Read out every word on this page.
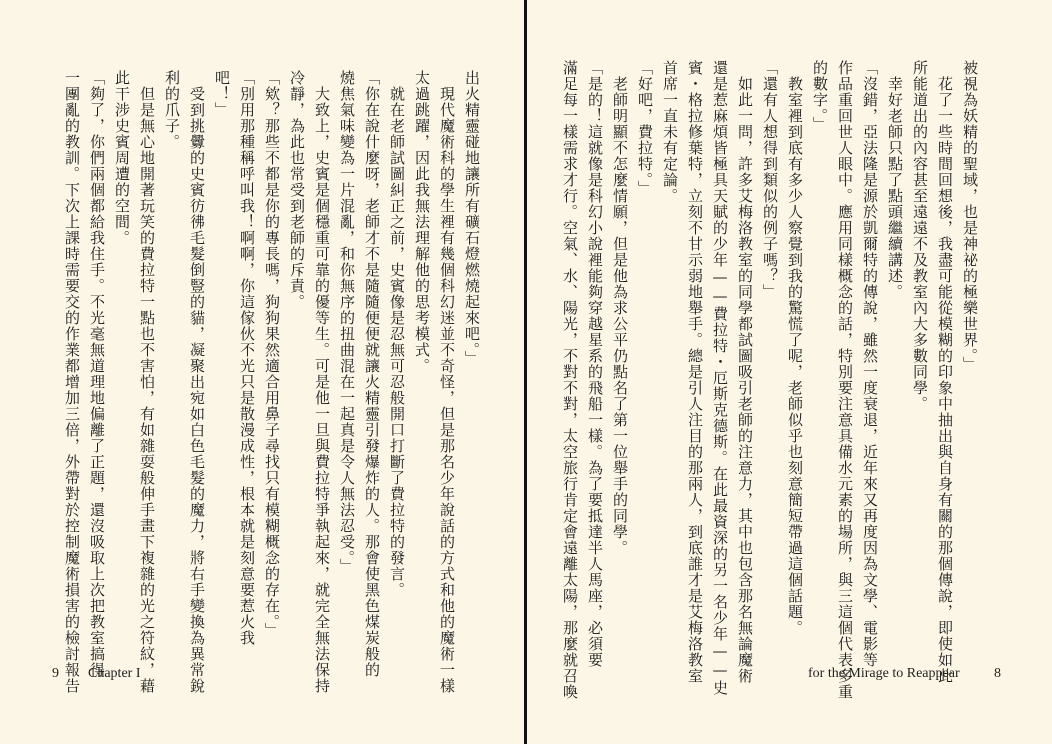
出火精靈碰地讓所有礦石燈燃燒起來吧。」
　現代魔術科的學生裡有幾個科幻迷並不奇怪，但是那名少年說話的方式和他的魔術一樣
太過跳躍，因此我無法理解他的思考模式。
　就在老師試圖糾正之前，史賓像是忍無可忍般開口打斷了費拉特的發言。
「你在說什麼呀，老師才不是隨隨便便就讓火精靈引發爆炸的人。那會使黑色煤炭般的
燒焦氣味變為一片混亂，和你無序的扭曲混在一起真是令人無法忍受。」
　大致上，史賓是個穩重可靠的優等生。可是他一旦與費拉特爭執起來，就完全無法保持
冷靜，為此也常受到老師的斥責。
「欸？那些不都是你的專長嗎，狗狗果然適合用鼻子尋找只有模糊概念的存在。」
「別用那種稱呼叫我！啊啊，你這傢伙不光只是散漫成性，根本就是刻意要惹火我
吧！」
　受到挑釁的史賓彷彿毛髮倒豎的貓，凝聚出宛如白色毛髮的魔力，將右手變換為異常銳
利的爪子。
　但是無心地開著玩笑的費拉特一點也不害怕，有如雜耍般伸手畫下複雜的光之符紋，藉
此干涉史賓周遭的空間。
「夠了，你們兩個都給我住手。不光毫無道理地偏離了正題，還沒吸取上次把教室搞得
一團亂的教訓。下次上課時需要交的作業都增加三倍，外帶對於控制魔術損害的檢討報告
9 Chapter I
被視為妖精的聖域，也是神祕的極樂世界。」
　花了一些時間回想後，我盡可能從模糊的印象中抽出與自身有關的那個傳說，即使如此
所能道出的內容甚至遠遠不及教室內大多數同學。
　幸好老師只點了點頭繼續講述。
「沒錯，亞法隆是源於凱爾特的傳說，雖然一度衰退，近年來又再度因為文學、電影等
作品重回世人眼中。應用同樣概念的話，特別要注意具備水元素的場所，與三這個代表多重
的數字。」
　教室裡到底有多少人察覺到我的驚慌了呢，老師似乎也刻意簡短帶過這個話題。
「還有人想得到類似的例子嗎？」
　如此一問，許多艾梅洛教室的同學都試圖吸引老師的注意力，其中也包含那名無論魔術
還是惹麻煩皆極具天賦的少年——費拉特・厄斯克德斯。在此最資深的另一名少年——史
賓・格拉修葉特，立刻不甘示弱地舉手。總是引人注目的那兩人，到底誰才是艾梅洛教室
首席一直未有定論。
「好吧，費拉特。」
　老師明顯不怎麼情願，但是他為求公平仍點名了第一位舉手的同學。
「是的！這就像是科幻小說裡能夠穿越星系的飛船一樣。為了要抵達半人馬座，必須要
滿足每一樣需求才行。空氣、水、陽光，不對不對，太空旅行肯定會遠離太陽，那麼就召喚	for the Mirage to Reappear 8
